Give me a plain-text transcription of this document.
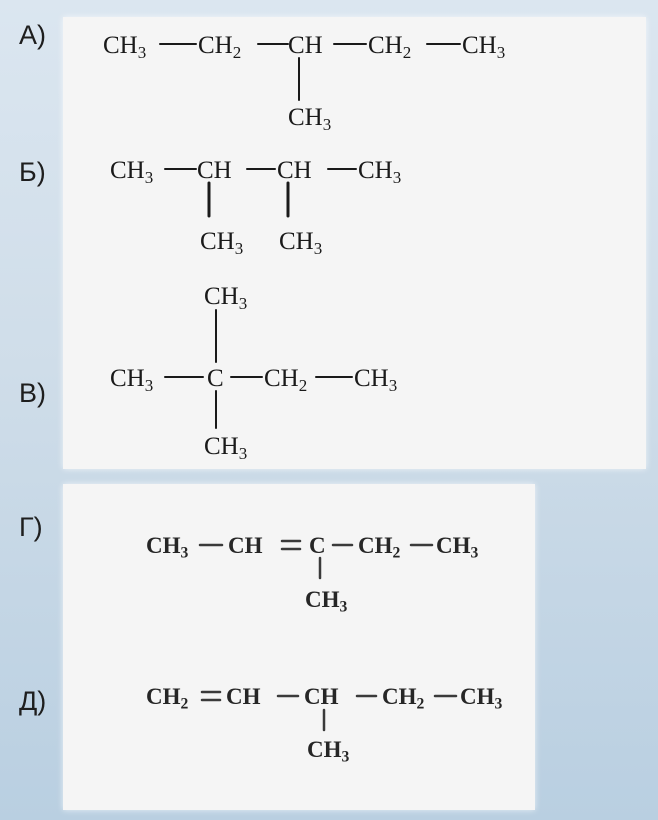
А)
Б)
В)
Г)
Д)
$CH_3$ $CH_2$ CH $CH_2$ $CH_3$
$CH_3$
$CH_3$ CH CH $CH_3$
$CH_3$ $CH_3$
$CH_3$
$CH_3$ C $CH_2$ $CH_3$
$CH_3$
$CH_3$ CH C $CH_2$ $CH_3$
$CH_3$
$CH_2$ CH CH $CH_2$ $CH_3$
$CH_3$
